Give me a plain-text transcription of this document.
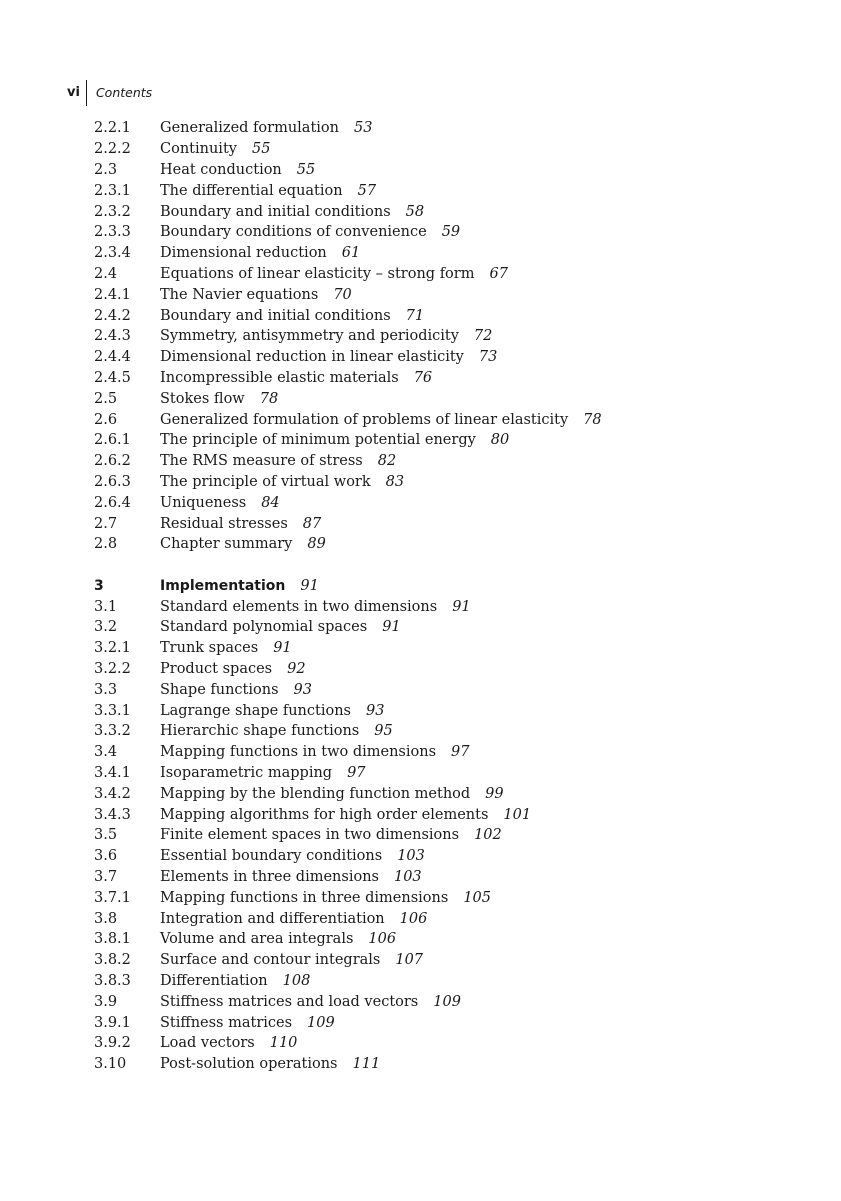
vi	Contents
2.2.1	Generalized formulation 53
2.2.2	Continuity 55
2.3	Heat conduction 55
2.3.1	The differential equation 57
2.3.2	Boundary and initial conditions 58
2.3.3	Boundary conditions of convenience 59
2.3.4	Dimensional reduction 61
2.4	Equations of linear elasticity – strong form 67
2.4.1	The Navier equations 70
2.4.2	Boundary and initial conditions 71
2.4.3	Symmetry, antisymmetry and periodicity 72
2.4.4	Dimensional reduction in linear elasticity 73
2.4.5	Incompressible elastic materials 76
2.5	Stokes flow 78
2.6	Generalized formulation of problems of linear elasticity 78
2.6.1	The principle of minimum potential energy 80
2.6.2	The RMS measure of stress 82
2.6.3	The principle of virtual work 83
2.6.4	Uniqueness 84
2.7	Residual stresses 87
2.8	Chapter summary 89
3	Implementation 91
3.1	Standard elements in two dimensions 91
3.2	Standard polynomial spaces 91
3.2.1	Trunk spaces 91
3.2.2	Product spaces 92
3.3	Shape functions 93
3.3.1	Lagrange shape functions 93
3.3.2	Hierarchic shape functions 95
3.4	Mapping functions in two dimensions 97
3.4.1	Isoparametric mapping 97
3.4.2	Mapping by the blending function method 99
3.4.3	Mapping algorithms for high order elements 101
3.5	Finite element spaces in two dimensions 102
3.6	Essential boundary conditions 103
3.7	Elements in three dimensions 103
3.7.1	Mapping functions in three dimensions 105
3.8	Integration and differentiation 106
3.8.1	Volume and area integrals 106
3.8.2	Surface and contour integrals 107
3.8.3	Differentiation 108
3.9	Stiffness matrices and load vectors 109
3.9.1	Stiffness matrices 109
3.9.2	Load vectors 110
3.10	Post-solution operations 111
